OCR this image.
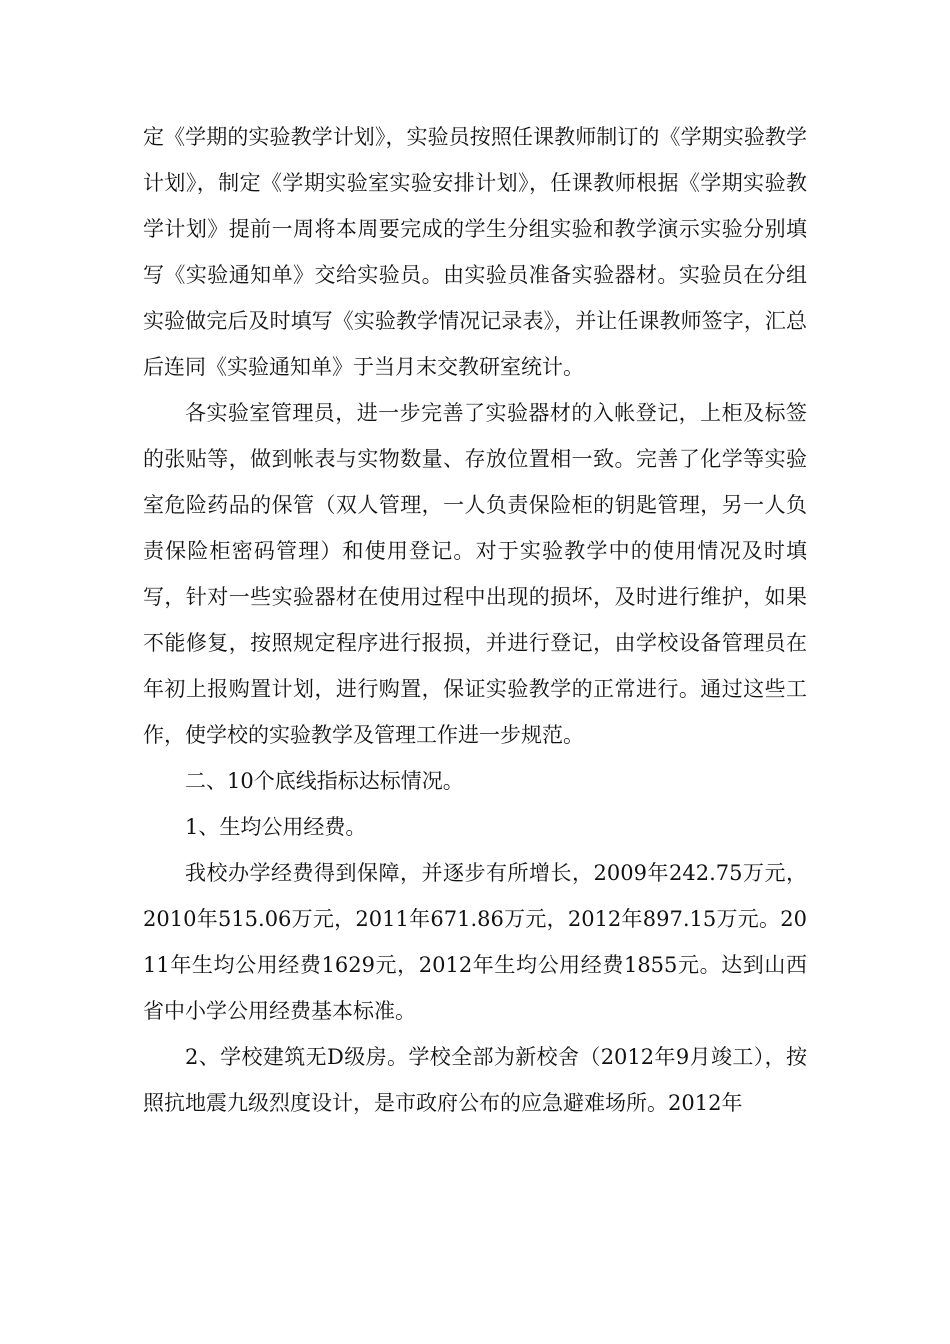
定《学期的实验教学计划》，实验员按照任课教师制订的《学期实验教学计划》，制定《学期实验室实验安排计划》，任课教师根据《学期实验教学计划》提前一周将本周要完成的学生分组实验和教学演示实验分别填写《实验通知单》交给实验员。由实验员准备实验器材。实验员在分组实验做完后及时填写《实验教学情况记录表》，并让任课教师签字，汇总后连同《实验通知单》于当月末交教研室统计。

各实验室管理员，进一步完善了实验器材的入帐登记，上柜及标签的张贴等，做到帐表与实物数量、存放位置相一致。完善了化学等实验室危险药品的保管（双人管理，一人负责保险柜的钥匙管理，另一人负责保险柜密码管理）和使用登记。对于实验教学中的使用情况及时填写，针对一些实验器材在使用过程中出现的损坏，及时进行维护，如果不能修复，按照规定程序进行报损，并进行登记，由学校设备管理员在年初上报购置计划，进行购置，保证实验教学的正常进行。通过这些工作，使学校的实验教学及管理工作进一步规范。

二、10个底线指标达标情况。

1、生均公用经费。

我校办学经费得到保障，并逐步有所增长，2009年242.75万元，2010年515.06万元，2011年671.86万元，2012年897.15万元。2011年生均公用经费1629元，2012年生均公用经费1855元。达到山西省中小学公用经费基本标准。

2、学校建筑无D级房。学校全部为新校舍（2012年9月竣工），按照抗地震九级烈度设计，是市政府公布的应急避难场所。2012年
